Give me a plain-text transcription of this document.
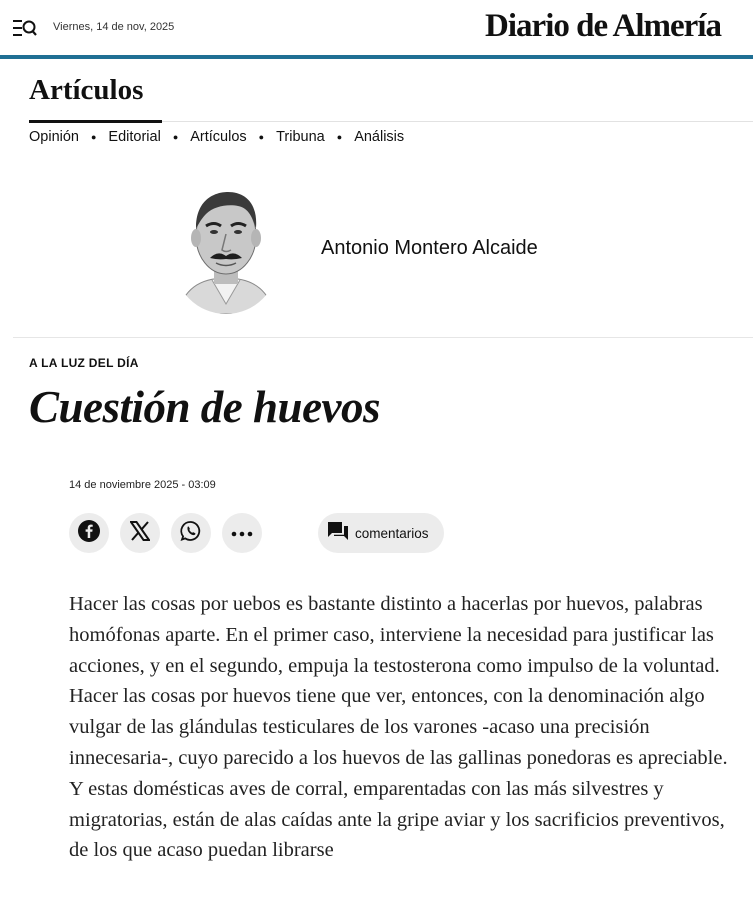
Viernes, 14 de nov, 2025	Diario de Almería
Artículos
Opinión ● Editorial ● Artículos ● Tribuna ● Análisis
Antonio Montero Alcaide
A LA LUZ DEL DÍA
Cuestión de huevos
14 de noviembre 2025 - 03:09
comentarios
Hacer las cosas por uebos es bastante distinto a hacerlas por huevos, palabras homófonas aparte. En el primer caso, interviene la necesidad para justificar las acciones, y en el segundo, empuja la testosterona como impulso de la voluntad. Hacer las cosas por huevos tiene que ver, entonces, con la denominación algo vulgar de las glándulas testiculares de los varones -acaso una precisión innecesaria-, cuyo parecido a los huevos de las gallinas ponedoras es apreciable. Y estas domésticas aves de corral, emparentadas con las más silvestres y migratorias, están de alas caídas ante la gripe aviar y los sacrificios preventivos, de los que acaso puedan librarse
